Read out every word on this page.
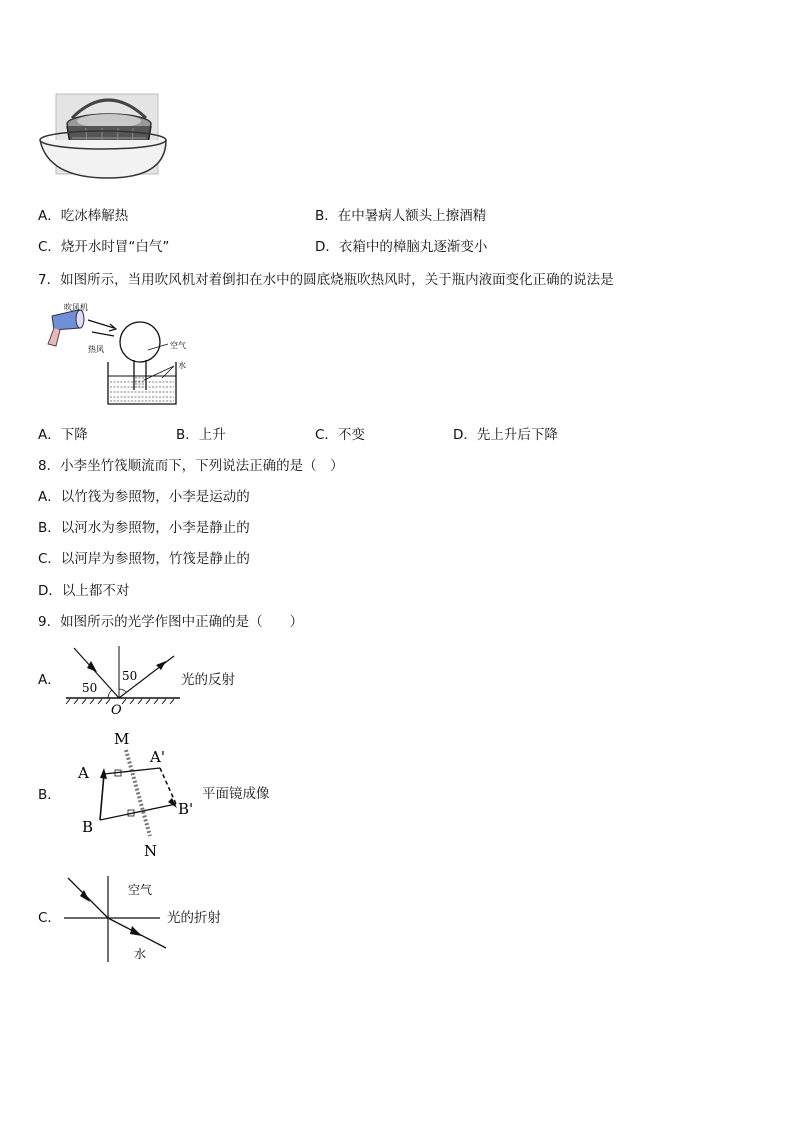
A．吃冰棒解热	B．在中暑病人额头上擦酒精
C．烧开水时冒“白气”	D．衣箱中的樟脑丸逐渐变小
7．如图所示，当用吹风机对着倒扣在水中的圆底烧瓶吹热风时，关于瓶内液面变化正确的说法是
吹风机
热风	空气
水
A．下降	B．上升	C．不变	D．先上升后下降
8．小李坐竹筏顺流而下，下列说法正确的是（　）
A．以竹筏为参照物，小李是运动的
B．以河水为参照物，小李是静止的
C．以河岸为参照物，竹筏是静止的
D．以上都不对
9．如图所示的光学作图中正确的是（　　）
A． 50
50
O
光的反射
B．
M
N
A
B
A'
B'
平面镜成像
C．
空气
水
光的折射
